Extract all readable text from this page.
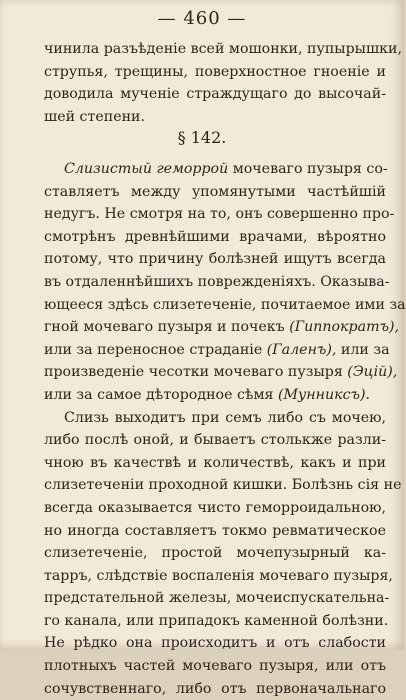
— 460 —
чинила разъѣденіе всей мошонки, пупырышки,
струпья, трещины, поверхностное гноеніе и
доводила мученіе страждущаго до высочай-
шей степени.
§ 142.
Слизистый геморрой мочеваго пузыря со-
ставляетъ между упомянутыми частѣйшій
недугъ. Не смотря на то, онъ совершенно про-
смотрѣнъ древнѣйшими врачами, вѣроятно
потому, что причину болѣзней ищутъ всегда
въ отдаленнѣйшихъ поврежденіяхъ. Оказыва-
ющееся здѣсь слизетеченіе, почитаемое ими за
гной мочеваго пузыря и почекъ (Гиппократъ),
или за переносное страданіе (Галенъ), или за
произведеніе чесотки мочеваго пузыря (Эцій),
или за самое дѣтородное сѣмя (Мунниксъ).
Слизь выходитъ при семъ либо съ мочею,
либо послѣ оной, и бываетъ столькже разли-
чною въ качествѣ и количествѣ, какъ и при
слизетеченіи проходной кишки. Болѣзнь сія не
всегда оказывается чисто геморроидальною,
но иногда составляетъ токмо ревматическое
слизетеченіе, простой мочепузырный ка-
тарръ, слѣдствіе воспаленія мочеваго пузыря,
предстательной железы, мочеиспускательна-
го канала, или припадокъ каменной болѣзни.
Не рѣдко она происходитъ и отъ слабости
плотныхъ частей мочеваго пузыря, или отъ
сочувственнаго, либо отъ первоначальнаго
